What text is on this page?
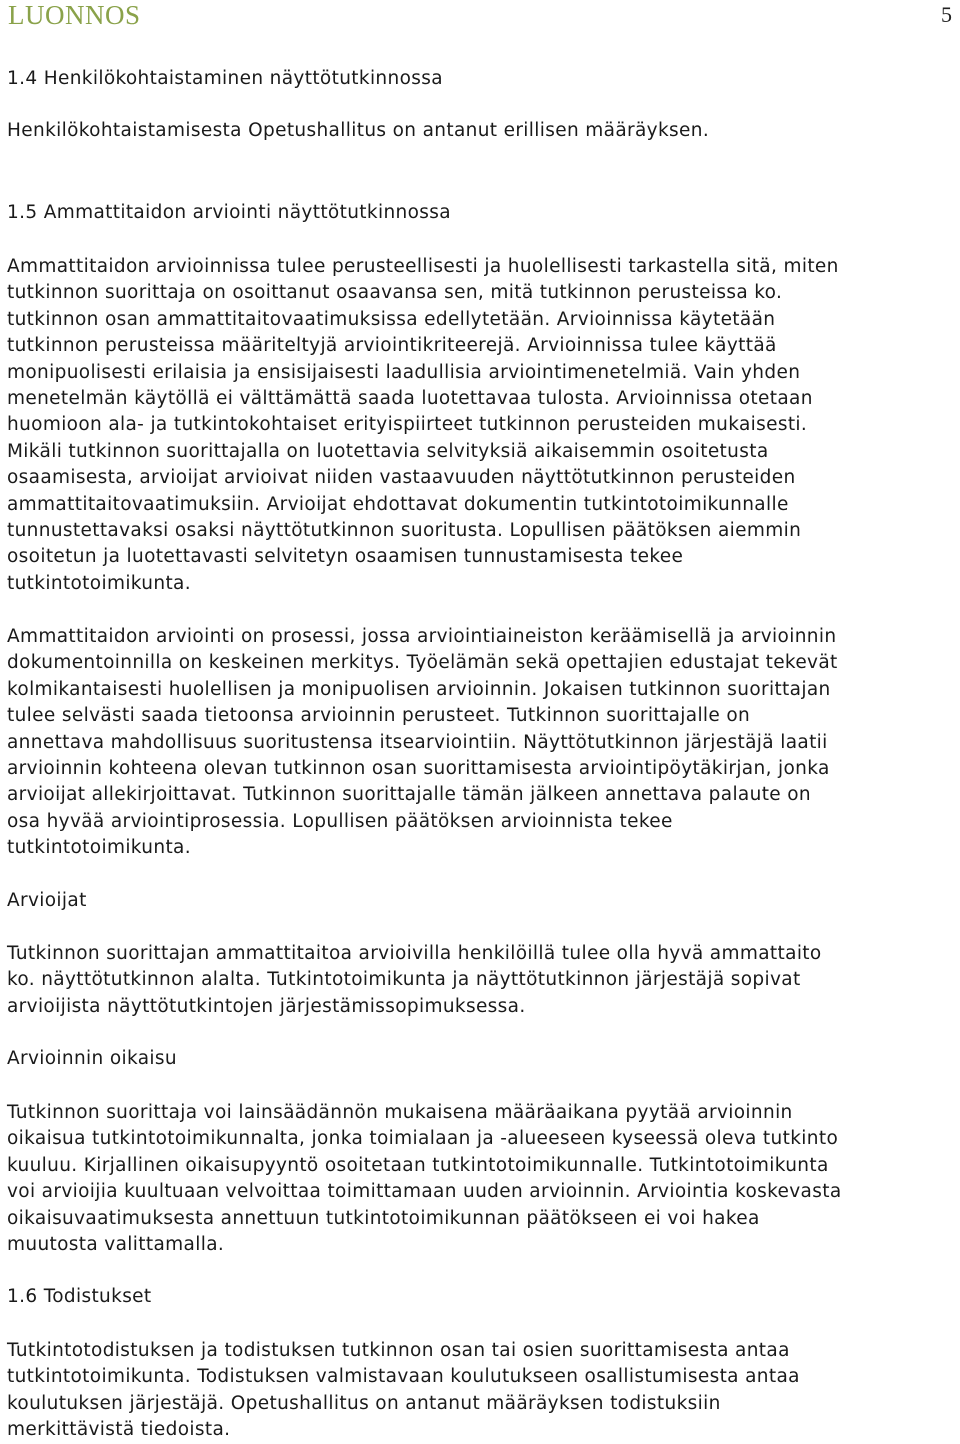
LUONNOS	5
1.4 Henkilökohtaistaminen näyttötutkinnossa
Henkilökohtaistamisesta Opetushallitus on antanut erillisen määräyksen.
1.5 Ammattitaidon arviointi näyttötutkinnossa
Ammattitaidon arvioinnissa tulee perusteellisesti ja huolellisesti tarkastella sitä, miten
tutkinnon suorittaja on osoittanut osaavansa sen, mitä tutkinnon perusteissa ko.
tutkinnon osan ammattitaitovaatimuksissa edellytetään. Arvioinnissa käytetään
tutkinnon perusteissa määriteltyjä arviointikriteerejä. Arvioinnissa tulee käyttää
monipuolisesti erilaisia ja ensisijaisesti laadullisia arviointimenetelmiä. Vain yhden
menetelmän käytöllä ei välttämättä saada luotettavaa tulosta. Arvioinnissa otetaan
huomioon ala- ja tutkintokohtaiset erityispiirteet tutkinnon perusteiden mukaisesti.
Mikäli tutkinnon suorittajalla on luotettavia selvityksiä aikaisemmin osoitetusta
osaamisesta, arvioijat arvioivat niiden vastaavuuden näyttötutkinnon perusteiden
ammattitaitovaatimuksiin. Arvioijat ehdottavat dokumentin tutkintotoimikunnalle
tunnustettavaksi osaksi näyttötutkinnon suoritusta. Lopullisen päätöksen aiemmin
osoitetun ja luotettavasti selvitetyn osaamisen tunnustamisesta tekee
tutkintotoimikunta.
Ammattitaidon arviointi on prosessi, jossa arviointiaineiston keräämisellä ja arvioinnin
dokumentoinnilla on keskeinen merkitys. Työelämän sekä opettajien edustajat tekevät
kolmikantaisesti huolellisen ja monipuolisen arvioinnin. Jokaisen tutkinnon suorittajan
tulee selvästi saada tietoonsa arvioinnin perusteet. Tutkinnon suorittajalle on
annettava mahdollisuus suoritustensa itsearviointiin. Näyttötutkinnon järjestäjä laatii
arvioinnin kohteena olevan tutkinnon osan suorittamisesta arviointipöytäkirjan, jonka
arvioijat allekirjoittavat. Tutkinnon suorittajalle tämän jälkeen annettava palaute on
osa hyvää arviointiprosessia. Lopullisen päätöksen arvioinnista tekee
tutkintotoimikunta.
Arvioijat
Tutkinnon suorittajan ammattitaitoa arvioivilla henkilöillä tulee olla hyvä ammattaito
ko. näyttötutkinnon alalta. Tutkintotoimikunta ja näyttötutkinnon järjestäjä sopivat
arvioijista näyttötutkintojen järjestämissopimuksessa.
Arvioinnin oikaisu
Tutkinnon suorittaja voi lainsäädännön mukaisena määräaikana pyytää arvioinnin
oikaisua tutkintotoimikunnalta, jonka toimialaan ja -alueeseen kyseessä oleva tutkinto
kuuluu. Kirjallinen oikaisupyyntö osoitetaan tutkintotoimikunnalle. Tutkintotoimikunta
voi arvioijia kuultuaan velvoittaa toimittamaan uuden arvioinnin. Arviointia koskevasta
oikaisuvaatimuksesta annettuun tutkintotoimikunnan päätökseen ei voi hakea
muutosta valittamalla.
1.6 Todistukset
Tutkintotodistuksen ja todistuksen tutkinnon osan tai osien suorittamisesta antaa
tutkintotoimikunta. Todistuksen valmistavaan koulutukseen osallistumisesta antaa
koulutuksen järjestäjä. Opetushallitus on antanut määräyksen todistuksiin
merkittävistä tiedoista.
